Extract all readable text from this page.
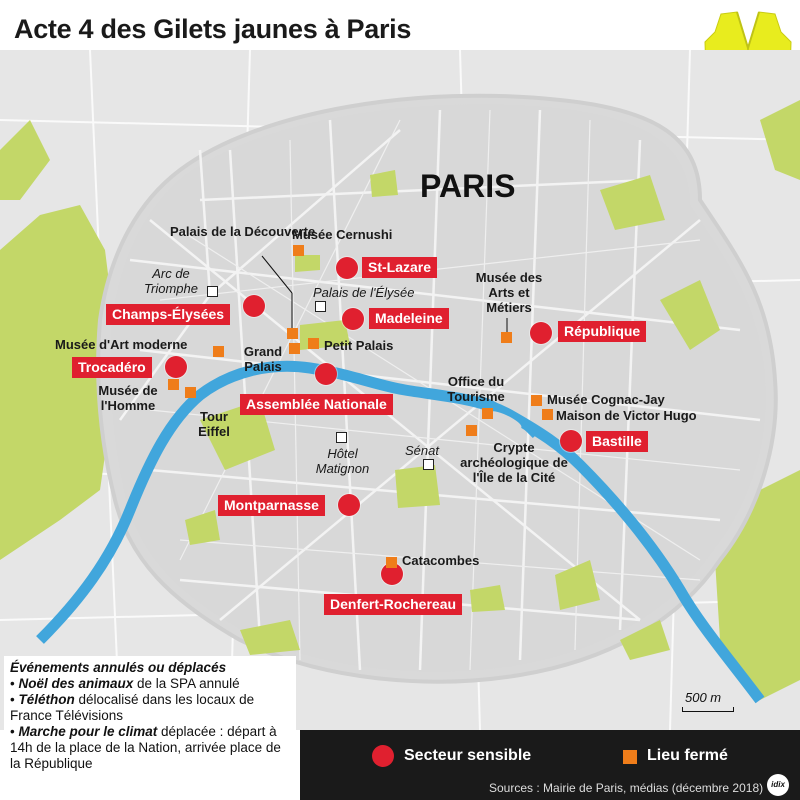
Acte 4 des Gilets jaunes à Paris
PARIS
St-Lazare
Champs-Élysées	Madeleine
République
Trocadéro
Assemblée Nationale
Bastille
Montparnasse
Denfert-Rochereau
Musée Cernushi
Palais de la Découverte
Grand Palais
Petit Palais
Musée d'Art moderne
Musée de l'Homme
Tour Eiffel
Musée des Arts et Métiers
Office du Tourisme
Crypte archéologique de l'Île de la Cité
Musée Cognac-Jay
Maison de Victor Hugo
Catacombes
Arc de Triomphe	Palais de l'Élysée
Hôtel Matignon
Sénat
500 m
Événements annulés ou déplacés
• Noël des animaux de la SPA annulé
• Téléthon délocalisé dans les locaux de France Télévisions
• Marche pour le climat déplacée : départ à 14h de la place de la Nation, arrivée place de la République	Secteur sensible	Lieu fermé
Sources : Mairie de Paris, médias (décembre 2018) idix
